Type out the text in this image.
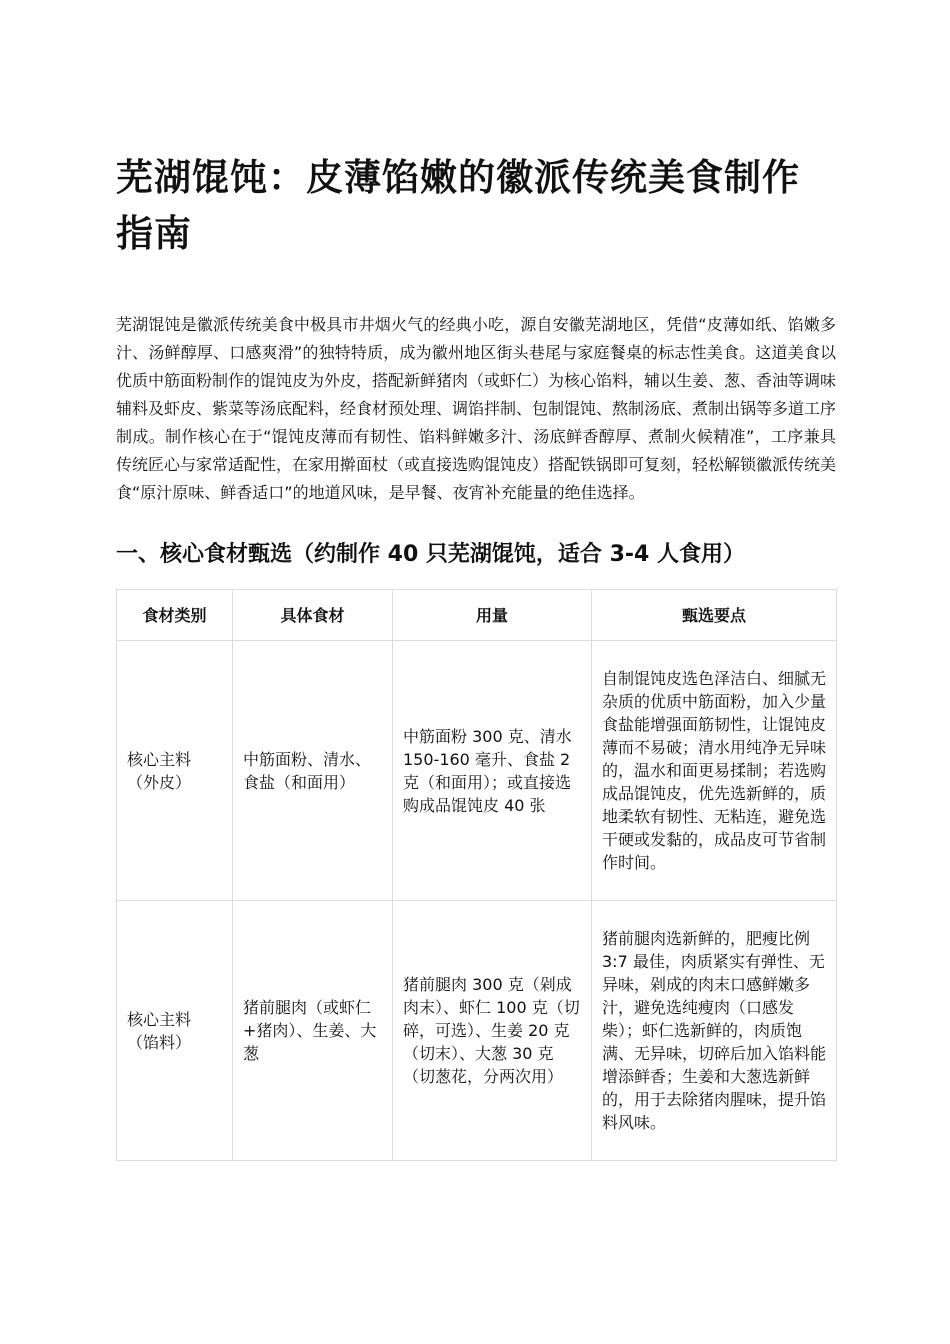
芜湖馄饨：皮薄馅嫩的徽派传统美食制作指南

芜湖馄饨是徽派传统美食中极具市井烟火气的经典小吃，源自安徽芜湖地区，凭借“皮薄如纸、馅嫩多汁、汤鲜醇厚、口感爽滑”的独特特质，成为徽州地区街头巷尾与家庭餐桌的标志性美食。这道美食以优质中筋面粉制作的馄饨皮为外皮，搭配新鲜猪肉（或虾仁）为核心馅料，辅以生姜、葱、香油等调味辅料及虾皮、紫菜等汤底配料，经食材预处理、调馅拌制、包制馄饨、熬制汤底、煮制出锅等多道工序制成。制作核心在于“馄饨皮薄而有韧性、馅料鲜嫩多汁、汤底鲜香醇厚、煮制火候精准”，工序兼具传统匠心与家常适配性，在家用擀面杖（或直接选购馄饨皮）搭配铁锅即可复刻，轻松解锁徽派传统美食“原汁原味、鲜香适口”的地道风味，是早餐、夜宵补充能量的绝佳选择。

一、核心食材甄选（约制作 40 只芜湖馄饨，适合 3-4 人食用）
食材类别	具体食材	用量	甄选要点
核心主料（外皮）	中筋面粉、清水、食盐（和面用）	中筋面粉 300 克、清水 150-160 毫升、食盐 2 克（和面用）；或直接选购成品馄饨皮 40 张	自制馄饨皮选色泽洁白、细腻无杂质的优质中筋面粉，加入少量食盐能增强面筋韧性，让馄饨皮薄而不易破；清水用纯净无异味的，温水和面更易揉制；若选购成品馄饨皮，优先选新鲜的，质地柔软有韧性、无粘连，避免选干硬或发黏的，成品皮可节省制作时间。
核心主料（馅料）	猪前腿肉（或虾仁+猪肉）、生姜、大葱	猪前腿肉 300 克（剁成肉末）、虾仁 100 克（切碎，可选）、生姜 20 克（切末）、大葱 30 克（切葱花，分两次用）	猪前腿肉选新鲜的，肥瘦比例 3:7 最佳，肉质紧实有弹性、无异味，剁成的肉末口感鲜嫩多汁，避免选纯瘦肉（口感发柴）；虾仁选新鲜的，肉质饱满、无异味，切碎后加入馅料能增添鲜香；生姜和大葱选新鲜的，用于去除猪肉腥味，提升馅料风味。
